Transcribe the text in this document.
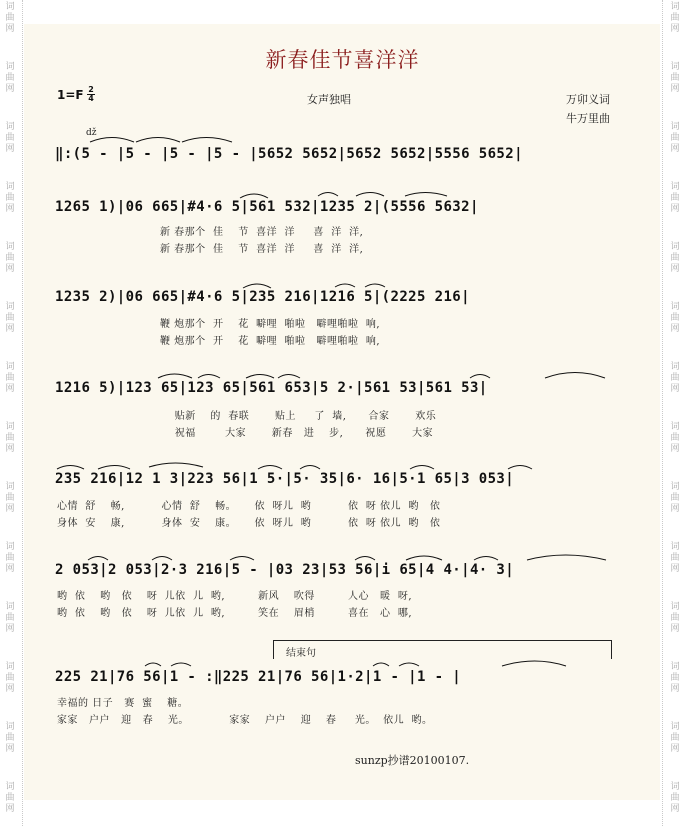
词曲网
词曲网
词曲网
词曲网
词曲网
词曲网
词曲网
词曲网
词曲网
词曲网
词曲网
词曲网
词曲网
词曲网
词曲网
词曲网
词曲网
词曲网
词曲网
词曲网
词曲网
词曲网
词曲网
词曲网
词曲网
词曲网
词曲网
词曲网
新春佳节喜洋洋
1=F 2
4	女声独唱	万卯义词
牛万里曲
dž
‖:(5 - |5 - |5 - |5 - |5652 5652|5652 5652|5556 5652|
1265 1)|06 665|#4·6 5|561 532|1235 2|(5556 5632|
新 春那个  佳    节  喜洋  洋     喜  洋  洋,
新 春那个  佳    节  喜洋  洋     喜  洋  洋,
1235 2)|06 665|#4·6 5|235 216|1216 5|(2225 216|
鞭 炮那个  开    花  噼哩  啪啦   噼哩啪啦  响,
鞭 炮那个  开    花  噼哩  啪啦   噼哩啪啦  响,
1216 5)|123 65|123 65|561 653|5 2·|561 53|561 53|
贴新    的  春联       贴上     了  墙,      合家       欢乐
祝福        大家       新春   进    步,      祝愿       大家
235 216|12 1 3|223 56|1 5·|5· 35|6· 16|5·1 65|3 053|
心情  舒    畅,          心情  舒    畅。     依  呀儿  哟          依  呀 依儿  哟   依
身体  安    康,          身体  安    康。     依  呀儿  哟          依  呀 依儿  哟   依
2 053|2 053|2·3 216|5 - |03 23|53 56|i 65|4 4·|4· 3|
哟  依    哟   依    呀  儿依  儿  哟,         新风    吹得         人心   暖  呀,
哟  依    哟   依    呀  儿依  儿  哟,         笑在    眉梢         喜在   心  哪,
结束句
225 21|76 56|1 - :‖225 21|76 56|1·2|1 - |1 - |
幸福的 日子   赛  蜜    糖。
家家   户户   迎   春    光。           家家    户户    迎    春     光。  依儿  哟。
sunzp抄谱20100107.
